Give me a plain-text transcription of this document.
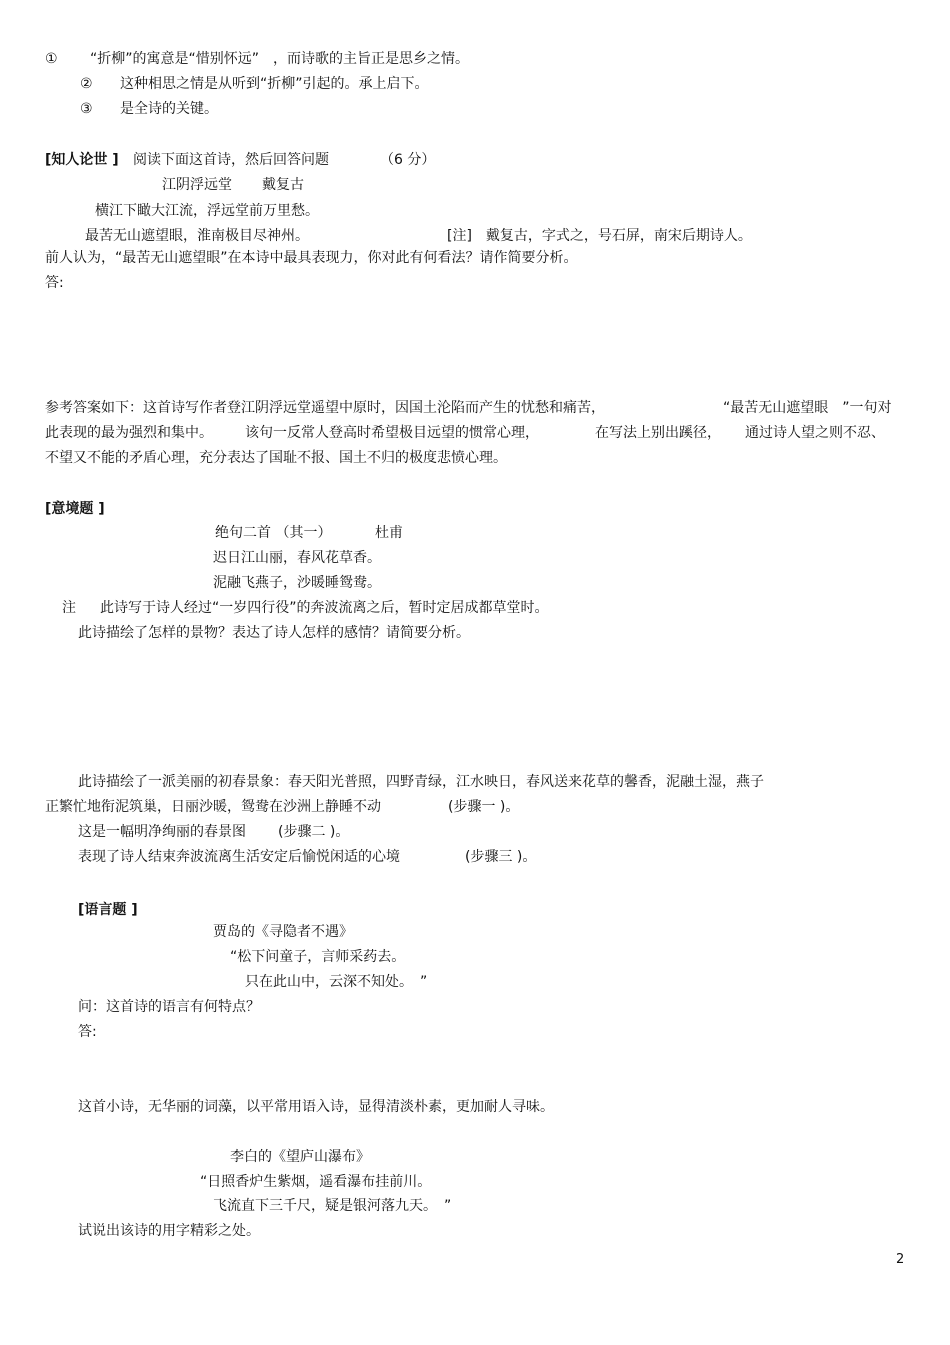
① “折柳”的寓意是“惜别怀远”　，而诗歌的主旨正是思乡之情。
② 这种相思之情是从听到“折柳”引起的。承上启下。
③ 是全诗的关键。
[知人论世 ] 阅读下面这首诗，然后回答问题	（6 分）
江阴浮远堂 戴复古
横江下瞰大江流，浮远堂前万里愁。
最苦无山遮望眼，淮南极目尽神州。	[注]　戴复古，字式之，号石屏，南宋后期诗人。
前人认为，“最苦无山遮望眼”在本诗中最具表现力，你对此有何看法？请作简要分析。
答:
参考答案如下：这首诗写作者登江阴浮远堂遥望中原时，因国土沦陷而产生的忧愁和痛苦，	“最苦无山遮望眼　”一句对
此表现的最为强烈和集中。 该句一反常人登高时希望极目远望的惯常心理，	在写法上别出蹊径， 通过诗人望之则不忍、
不望又不能的矛盾心理，充分表达了国耻不报、国土不归的极度悲愤心理。
[意境题 ]
绝句二首 （其一）	杜甫
迟日江山丽，春风花草香。
泥融飞燕子，沙暖睡鸳鸯。
注 此诗写于诗人经过“一岁四行役”的奔波流离之后，暂时定居成都草堂时。
此诗描绘了怎样的景物？表达了诗人怎样的感情？请简要分析。
此诗描绘了一派美丽的初春景象：春天阳光普照，四野青绿，江水映日，春风送来花草的馨香，泥融土湿，燕子
正繁忙地衔泥筑巢，日丽沙暖，鸳鸯在沙洲上静睡不动	(步骤一 )。
这是一幅明净绚丽的春景图 (步骤二 )。
表现了诗人结束奔波流离生活安定后愉悦闲适的心境	(步骤三 )。
[语言题 ]
贾岛的《寻隐者不遇》
“松下问童子，言师采药去。
只在此山中，云深不知处。　”
问：这首诗的语言有何特点？
答:
这首小诗，无华丽的词藻，以平常用语入诗，显得清淡朴素，更加耐人寻味。
李白的《望庐山瀑布》
“日照香炉生紫烟，遥看瀑布挂前川。
飞流直下三千尺，疑是银河落九天。　”
试说出该诗的用字精彩之处。
2
